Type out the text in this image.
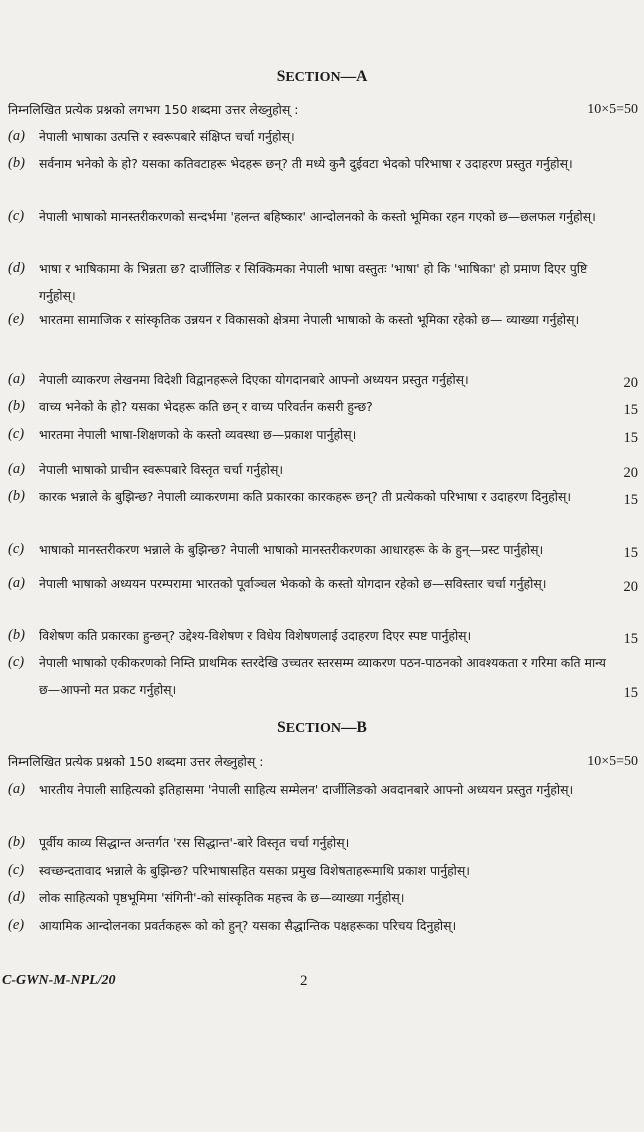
SECTION—A
निम्नलिखित प्रत्येक प्रश्नको लगभग 150 शब्दमा उत्तर लेख्नुहोस् :	10×5=50
(a) नेपाली भाषाका उत्पत्ति र स्वरूपबारे संक्षिप्त चर्चा गर्नुहोस्।
(b) सर्वनाम भनेको के हो? यसका कतिवटाहरू भेदहरू छन्? ती मध्ये कुनै दुईवटा भेदको परिभाषा र उदाहरण प्रस्तुत गर्नुहोस्।
(c) नेपाली भाषाको मानस्तरीकरणको सन्दर्भमा 'हलन्त बहिष्कार' आन्दोलनको के कस्तो भूमिका रहन गएको छ—छलफल गर्नुहोस्।
(d) भाषा र भाषिकामा के भिन्नता छ? दार्जीलिङ र सिक्किमका नेपाली भाषा वस्तुतः 'भाषा' हो कि 'भाषिका' हो प्रमाण दिएर पुष्टि गर्नुहोस्।
(e) भारतमा सामाजिक र सांस्कृतिक उन्नयन र विकासको क्षेत्रमा नेपाली भाषाको के कस्तो भूमिका रहेको छ— व्याख्या गर्नुहोस्।
(a) नेपाली व्याकरण लेखनमा विदेशी विद्वानहरूले दिएका योगदानबारे आफ्नो अध्ययन प्रस्तुत गर्नुहोस्।	20
(b) वाच्य भनेको के हो? यसका भेदहरू कति छन् र वाच्य परिवर्तन कसरी हुन्छ?	15
(c) भारतमा नेपाली भाषा-शिक्षणको के कस्तो व्यवस्था छ—प्रकाश पार्नुहोस्।	15
(a) नेपाली भाषाको प्राचीन स्वरूपबारे विस्तृत चर्चा गर्नुहोस्।	20
(b) कारक भन्नाले के बुझिन्छ? नेपाली व्याकरणमा कति प्रकारका कारकहरू छन्? ती प्रत्येकको परिभाषा र उदाहरण दिनुहोस्।	15
(c) भाषाको मानस्तरीकरण भन्नाले के बुझिन्छ? नेपाली भाषाको मानस्तरीकरणका आधारहरू के के हुन्—प्रस्ट पार्नुहोस्।	15
(a) नेपाली भाषाको अध्ययन परम्परामा भारतको पूर्वाञ्चल भेकको के कस्तो योगदान रहेको छ—सविस्तार चर्चा गर्नुहोस्।	20
(b) विशेषण कति प्रकारका हुन्छन्? उद्देश्य-विशेषण र विधेय विशेषणलाई उदाहरण दिएर स्पष्ट पार्नुहोस्।	15
(c) नेपाली भाषाको एकीकरणको निम्ति प्राथमिक स्तरदेखि उच्चतर स्तरसम्म व्याकरण पठन-पाठनको आवश्यकता र गरिमा कति मान्य छ—आफ्नो मत प्रकट गर्नुहोस्।	15
SECTION—B
निम्नलिखित प्रत्येक प्रश्नको 150 शब्दमा उत्तर लेख्नुहोस् :	10×5=50
(a) भारतीय नेपाली साहित्यको इतिहासमा 'नेपाली साहित्य सम्मेलन' दार्जीलिङको अवदानबारे आफ्नो अध्ययन प्रस्तुत गर्नुहोस्।
(b) पूर्वीय काव्य सिद्धान्त अन्तर्गत 'रस सिद्धान्त'-बारे विस्तृत चर्चा गर्नुहोस्।
(c) स्वच्छन्दतावाद भन्नाले के बुझिन्छ? परिभाषासहित यसका प्रमुख विशेषताहरूमाथि प्रकाश पार्नुहोस्।
(d) लोक साहित्यको पृष्ठभूमिमा 'संगिनी'-को सांस्कृतिक महत्त्व के छ—व्याख्या गर्नुहोस्।
(e) आयामिक आन्दोलनका प्रवर्तकहरू को को हुन्? यसका सैद्धान्तिक पक्षहरूका परिचय दिनुहोस्।
C-GWN-M-NPL/20	2
